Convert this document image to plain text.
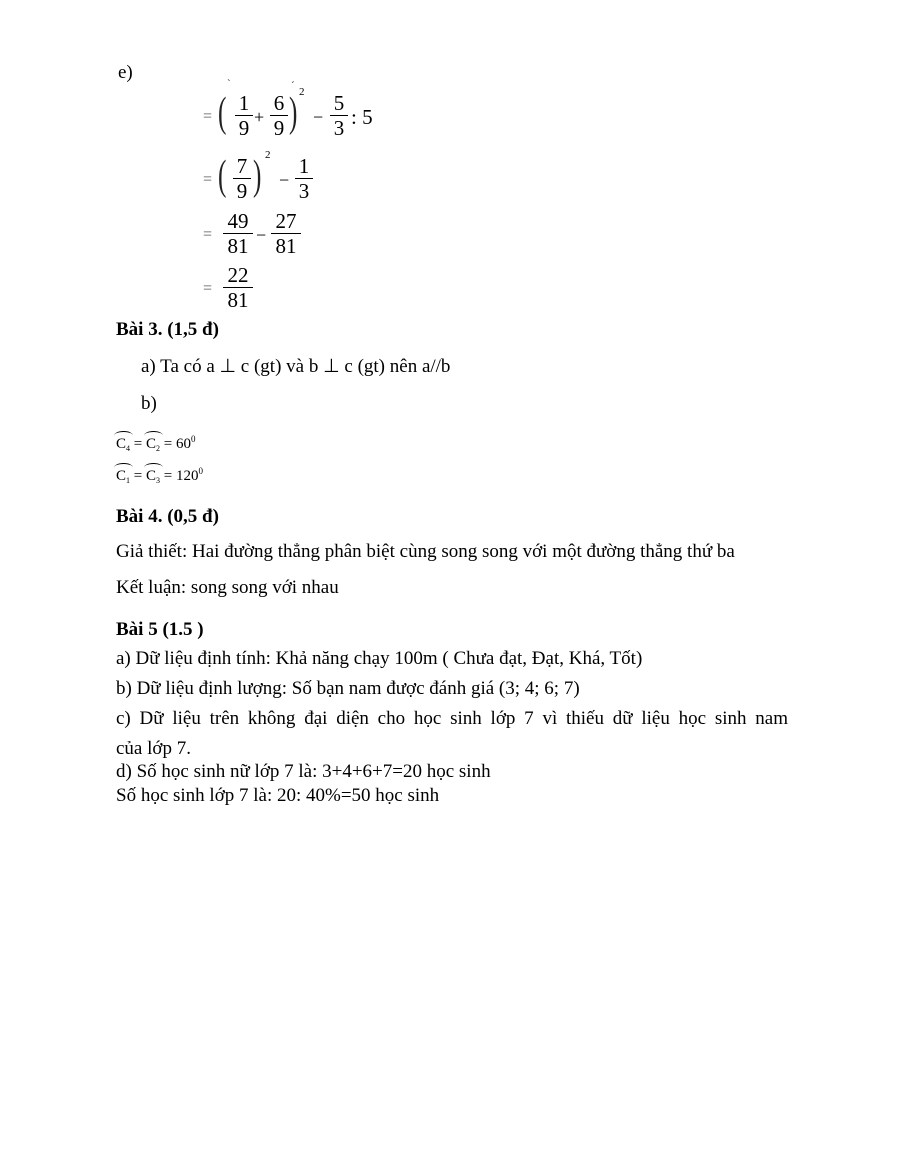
e)
=
`
( 1
9 +
6
9 )
´ 2
−
5
3 : 5
= ( 7
9 ) 2
−
1
3
=
49
81 −
27
81
=
22
81
Bài 3. (1,5 đ)
a) Ta có a ⊥ c (gt) và b ⊥ c (gt) nên a//b
b)
$C_4 = C_2 = 60^0$
$C_1 = C_3 = 120^0$
Bài 4. (0,5 đ)
Giả thiết: Hai đường thẳng phân biệt cùng song song với một đường thẳng thứ ba
Kết luận: song song với nhau
Bài 5 (1.5 )
a) Dữ liệu định tính: Khả năng chạy 100m ( Chưa đạt, Đạt, Khá, Tốt)
b) Dữ liệu định lượng: Số bạn nam được đánh giá (3; 4; 6; 7)
c) Dữ liệu trên không đại diện cho học sinh lớp 7 vì thiếu dữ liệu học sinh nam
của lớp 7.
d) Số học sinh nữ lớp 7 là: 3+4+6+7=20 học sinh
Số học sinh lớp 7 là: 20: 40%=50 học sinh
